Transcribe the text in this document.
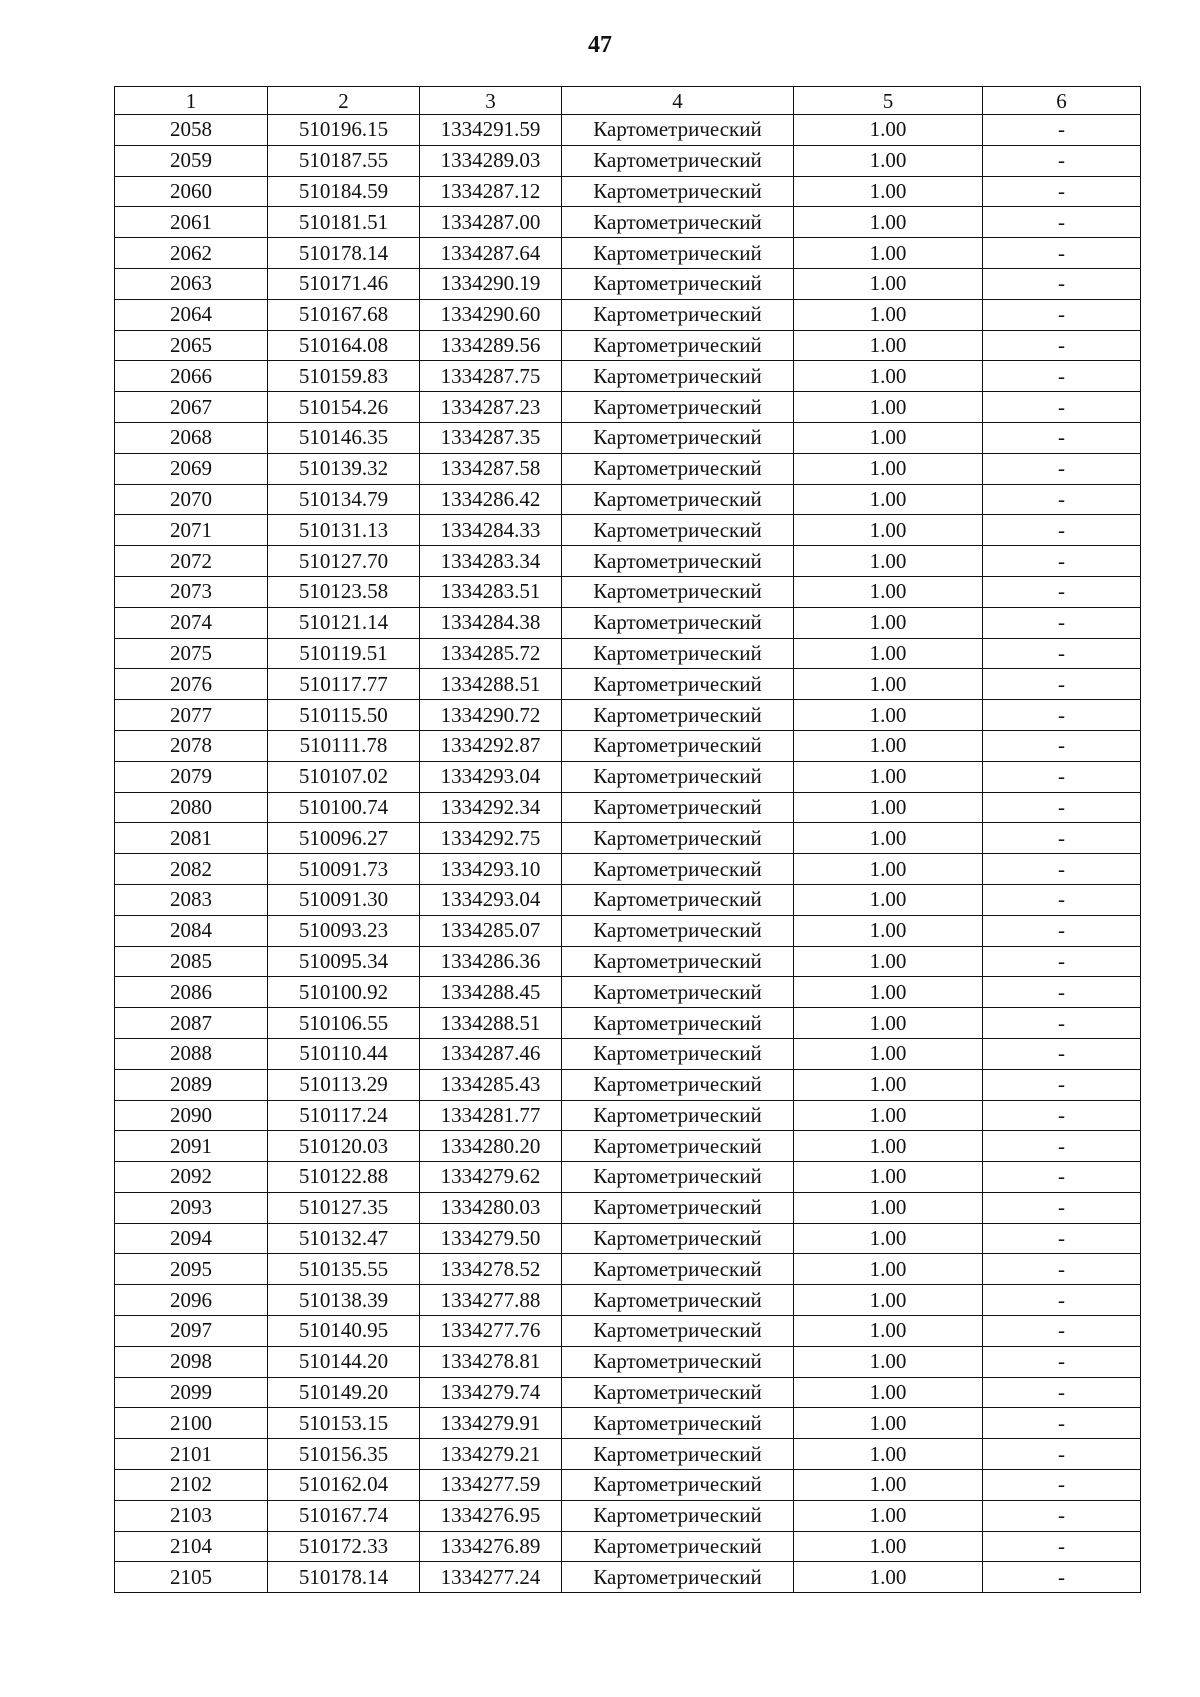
47
1	2	3	4	5	6
2058	510196.15	1334291.59	Картометрический	1.00	-
2059	510187.55	1334289.03	Картометрический	1.00	-
2060	510184.59	1334287.12	Картометрический	1.00	-
2061	510181.51	1334287.00	Картометрический	1.00	-
2062	510178.14	1334287.64	Картометрический	1.00	-
2063	510171.46	1334290.19	Картометрический	1.00	-
2064	510167.68	1334290.60	Картометрический	1.00	-
2065	510164.08	1334289.56	Картометрический	1.00	-
2066	510159.83	1334287.75	Картометрический	1.00	-
2067	510154.26	1334287.23	Картометрический	1.00	-
2068	510146.35	1334287.35	Картометрический	1.00	-
2069	510139.32	1334287.58	Картометрический	1.00	-
2070	510134.79	1334286.42	Картометрический	1.00	-
2071	510131.13	1334284.33	Картометрический	1.00	-
2072	510127.70	1334283.34	Картометрический	1.00	-
2073	510123.58	1334283.51	Картометрический	1.00	-
2074	510121.14	1334284.38	Картометрический	1.00	-
2075	510119.51	1334285.72	Картометрический	1.00	-
2076	510117.77	1334288.51	Картометрический	1.00	-
2077	510115.50	1334290.72	Картометрический	1.00	-
2078	510111.78	1334292.87	Картометрический	1.00	-
2079	510107.02	1334293.04	Картометрический	1.00	-
2080	510100.74	1334292.34	Картометрический	1.00	-
2081	510096.27	1334292.75	Картометрический	1.00	-
2082	510091.73	1334293.10	Картометрический	1.00	-
2083	510091.30	1334293.04	Картометрический	1.00	-
2084	510093.23	1334285.07	Картометрический	1.00	-
2085	510095.34	1334286.36	Картометрический	1.00	-
2086	510100.92	1334288.45	Картометрический	1.00	-
2087	510106.55	1334288.51	Картометрический	1.00	-
2088	510110.44	1334287.46	Картометрический	1.00	-
2089	510113.29	1334285.43	Картометрический	1.00	-
2090	510117.24	1334281.77	Картометрический	1.00	-
2091	510120.03	1334280.20	Картометрический	1.00	-
2092	510122.88	1334279.62	Картометрический	1.00	-
2093	510127.35	1334280.03	Картометрический	1.00	-
2094	510132.47	1334279.50	Картометрический	1.00	-
2095	510135.55	1334278.52	Картометрический	1.00	-
2096	510138.39	1334277.88	Картометрический	1.00	-
2097	510140.95	1334277.76	Картометрический	1.00	-
2098	510144.20	1334278.81	Картометрический	1.00	-
2099	510149.20	1334279.74	Картометрический	1.00	-
2100	510153.15	1334279.91	Картометрический	1.00	-
2101	510156.35	1334279.21	Картометрический	1.00	-
2102	510162.04	1334277.59	Картометрический	1.00	-
2103	510167.74	1334276.95	Картометрический	1.00	-
2104	510172.33	1334276.89	Картометрический	1.00	-
2105	510178.14	1334277.24	Картометрический	1.00	-
